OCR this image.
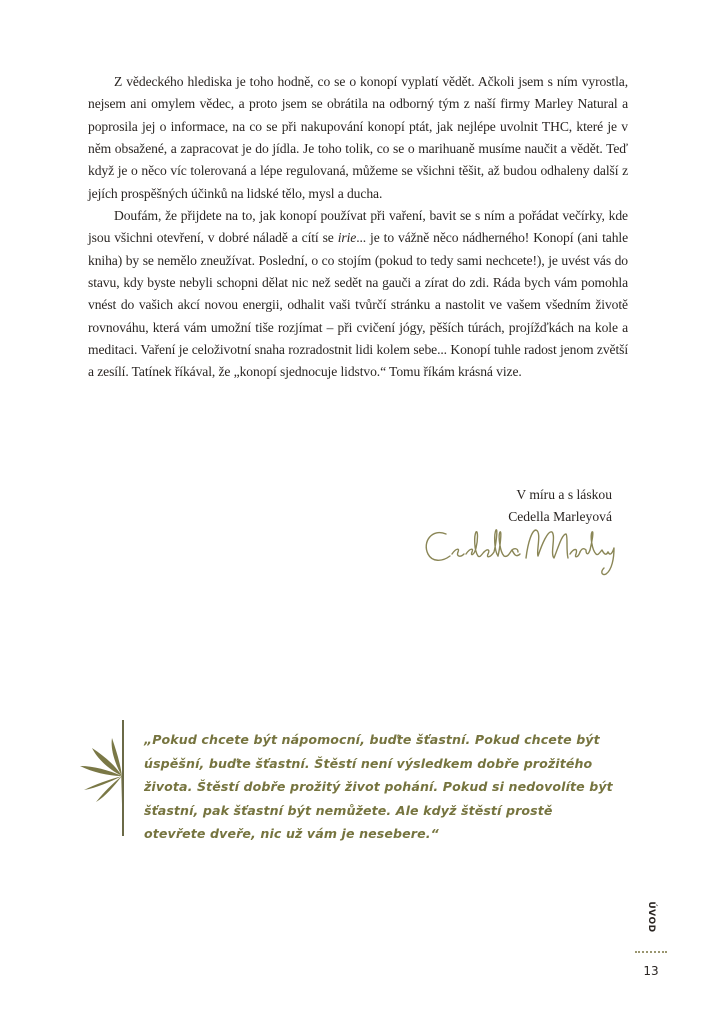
Z vědeckého hlediska je toho hodně, co se o konopí vyplatí vědět. Ačkoli jsem s ním vyrostla, nejsem ani omylem vědec, a proto jsem se obrátila na odborný tým z naší firmy Marley Natural a poprosila jej o informace, na co se při nakupování konopí ptát, jak nejlépe uvolnit THC, které je v něm obsažené, a zapracovat je do jídla. Je toho tolik, co se o marihuaně musíme naučit a vědět. Teď když je o něco víc tolerovaná a lépe regulovaná, můžeme se všichni těšit, až budou odhaleny další z jejích prospěšných účinků na lidské tělo, mysl a ducha.

Doufám, že přijdete na to, jak konopí používat při vaření, bavit se s ním a pořádat večírky, kde jsou všichni otevření, v dobré náladě a cítí se irie... je to vážně něco nádherného! Konopí (ani tahle kniha) by se nemělo zneužívat. Poslední, o co stojím (pokud to tedy sami nechcete!), je uvést vás do stavu, kdy byste nebyli schopni dělat nic než sedět na gauči a zírat do zdi. Ráda bych vám pomohla vnést do vašich akcí novou energii, odhalit vaši tvůrčí stránku a nastolit ve vašem všedním životě rovnováhu, která vám umožní tiše rozjímat – při cvičení jógy, pěších túrách, projížďkách na kole a meditaci. Vaření je celoživotní snaha rozradostnit lidi kolem sebe... Konopí tuhle radost jenom zvětší a zesílí. Tatínek říkával, že „konopí sjednocuje lidstvo.“ Tomu říkám krásná vize.

V míru a s láskou
Cedella Marleyová
„Pokud chcete být nápomocní, buďte šťastní. Pokud chcete být úspěšní, buďte šťastní. Štěstí není výsledkem dobře prožitého života. Štěstí dobře prožitý život pohání. Pokud si nedovolíte být šťastní, pak šťastní být nemůžete. Ale když štěstí prostě otevřete dveře, nic už vám je nesebere.“
ÚVOD
13
